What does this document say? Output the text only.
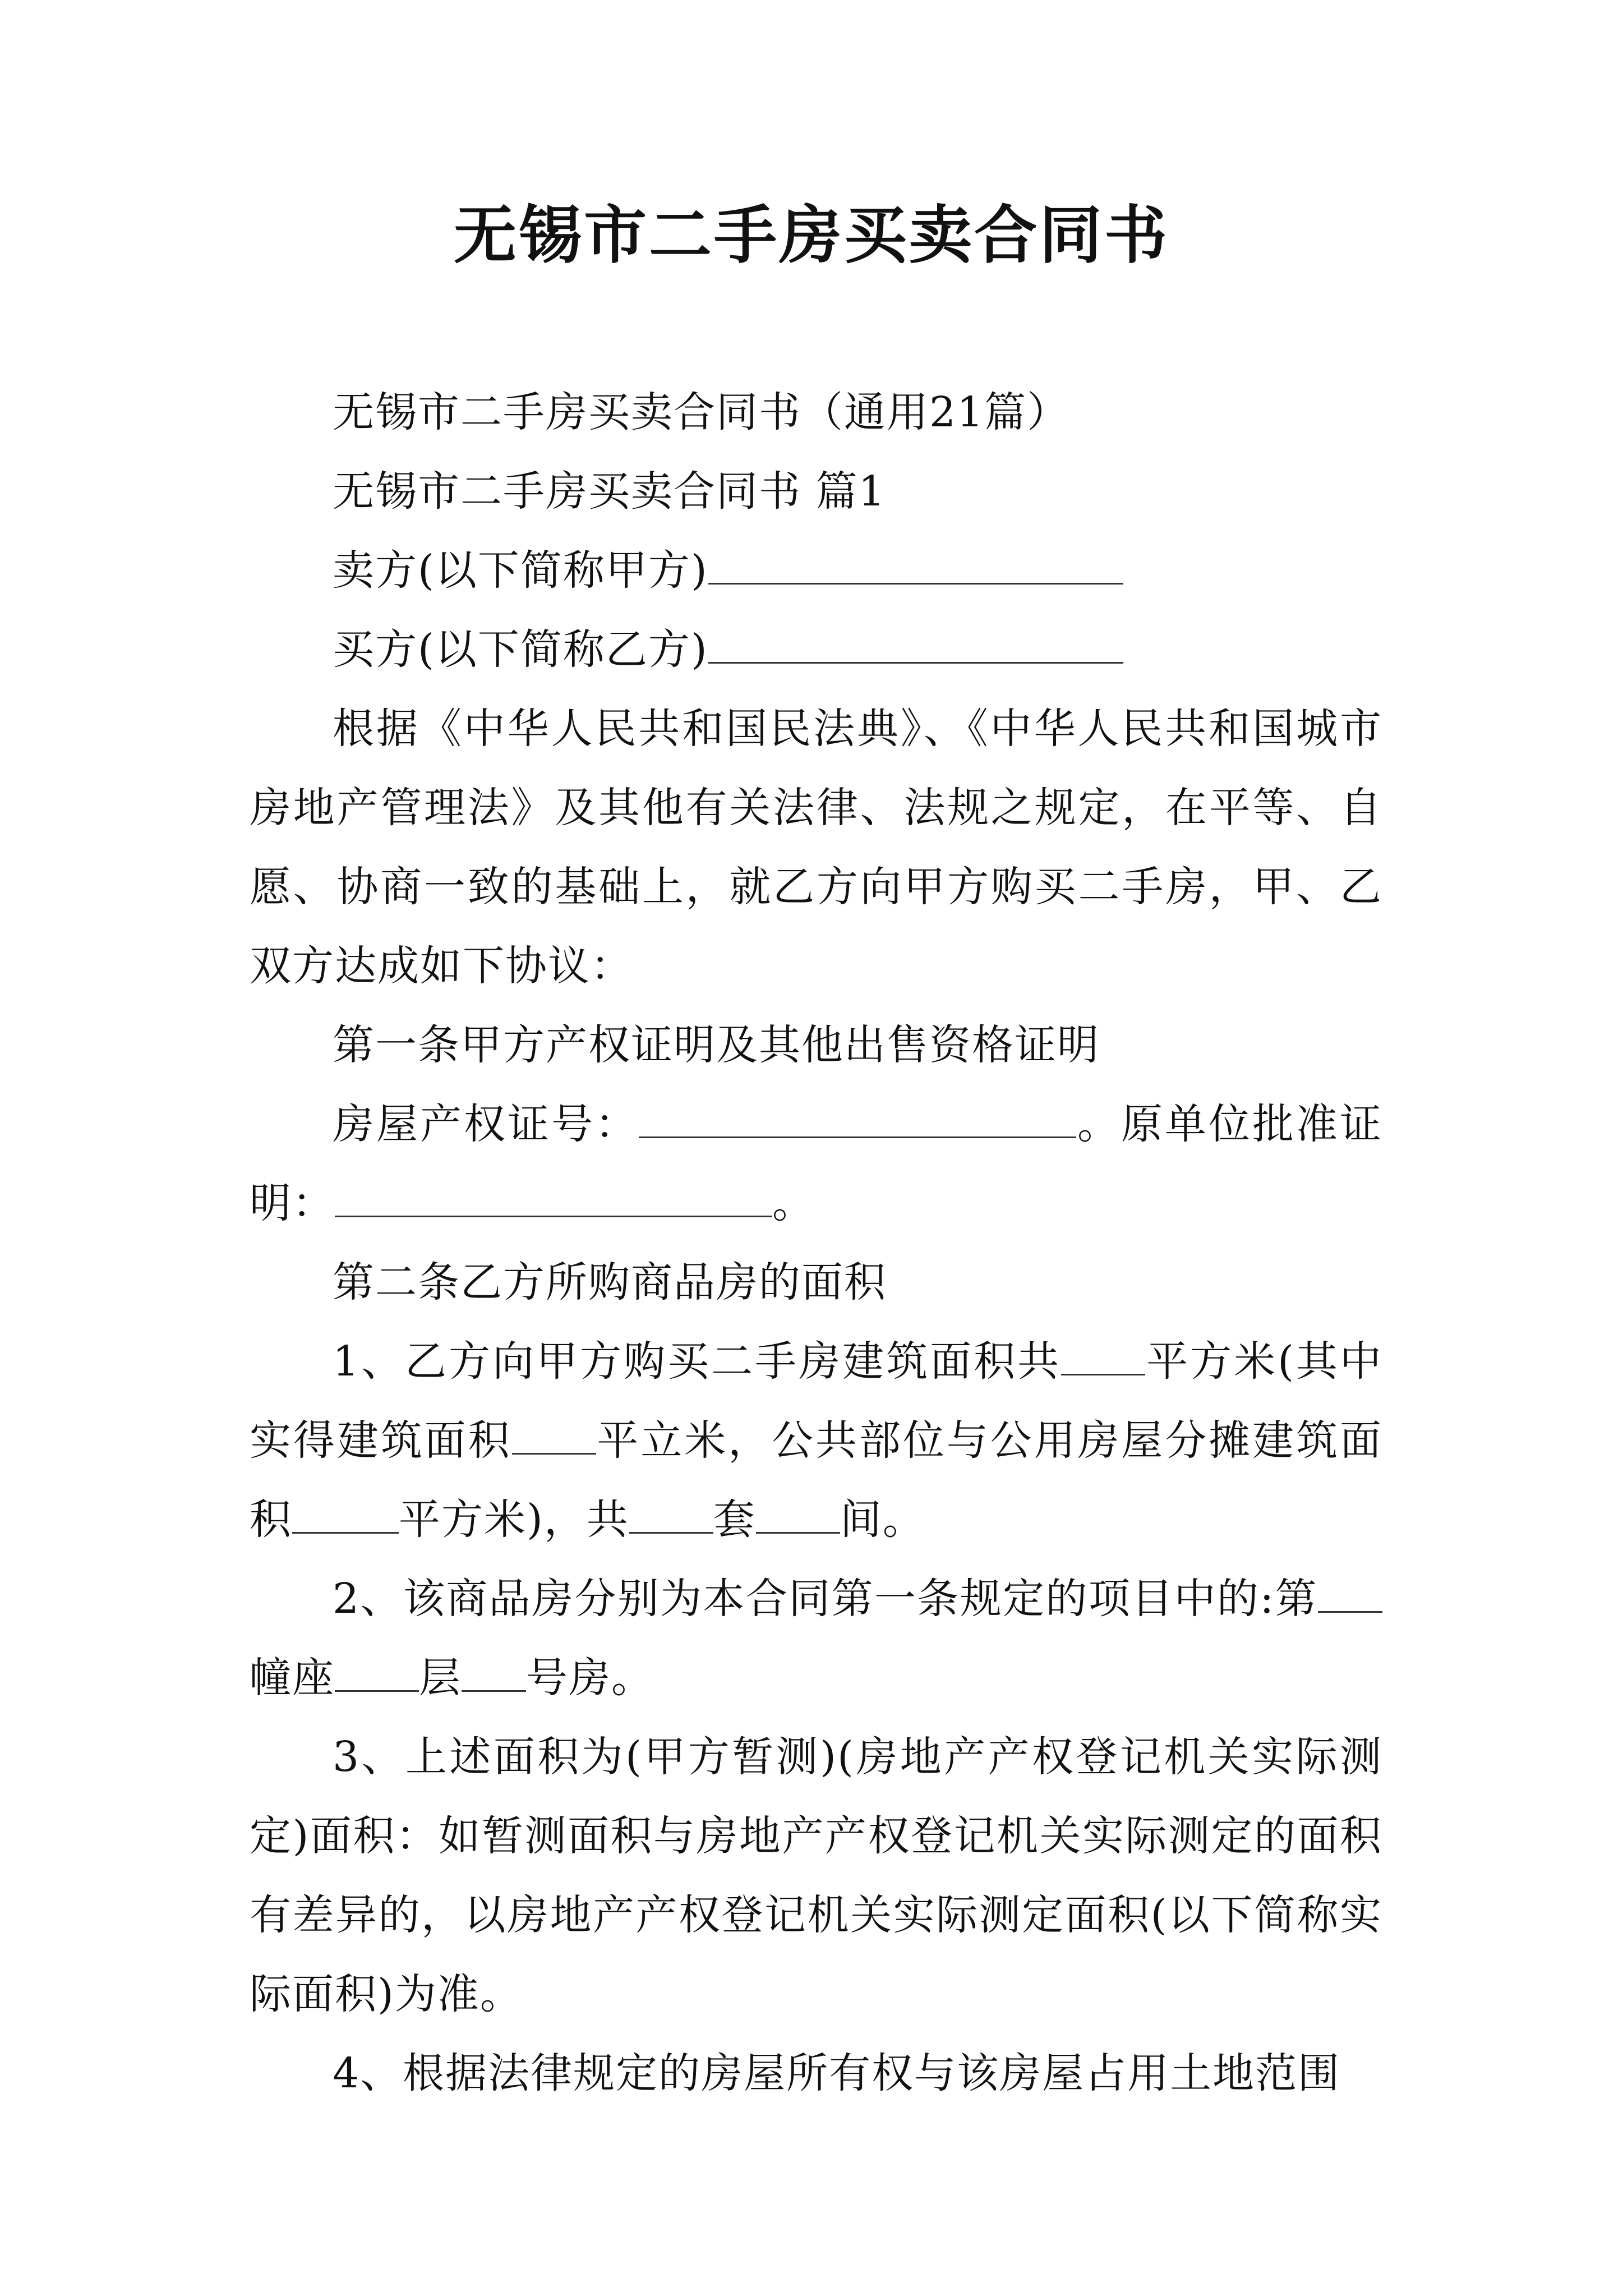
无锡市二手房买卖合同书

无锡市二手房买卖合同书（通用21篇）

无锡市二手房买卖合同书 篇1

卖方(以下简称甲方)

买方(以下简称乙方)

根据《中华人民共和国民法典》、《中华人民共和国城市房地产管理法》及其他有关法律、法规之规定，在平等、自愿、协商一致的基础上，就乙方向甲方购买二手房，甲、乙双方达成如下协议：

第一条甲方产权证明及其他出售资格证明

房屋产权证号：	。原单位批准证明：	。

第二条乙方所购商品房的面积

1、乙方向甲方购买二手房建筑面积共 平方米(其中实得建筑面积 平立米，公共部位与公用房屋分摊建筑面积	平方米)，共 套 间。

2、该商品房分别为本合同第一条规定的项目中的:第幢座 层 号房。

3、上述面积为(甲方暂测)(房地产产权登记机关实际测定)面积：如暂测面积与房地产产权登记机关实际测定的面积有差异的，以房地产产权登记机关实际测定面积(以下简称实际面积)为准。

4、根据法律规定的房屋所有权与该房屋占用土地范围
